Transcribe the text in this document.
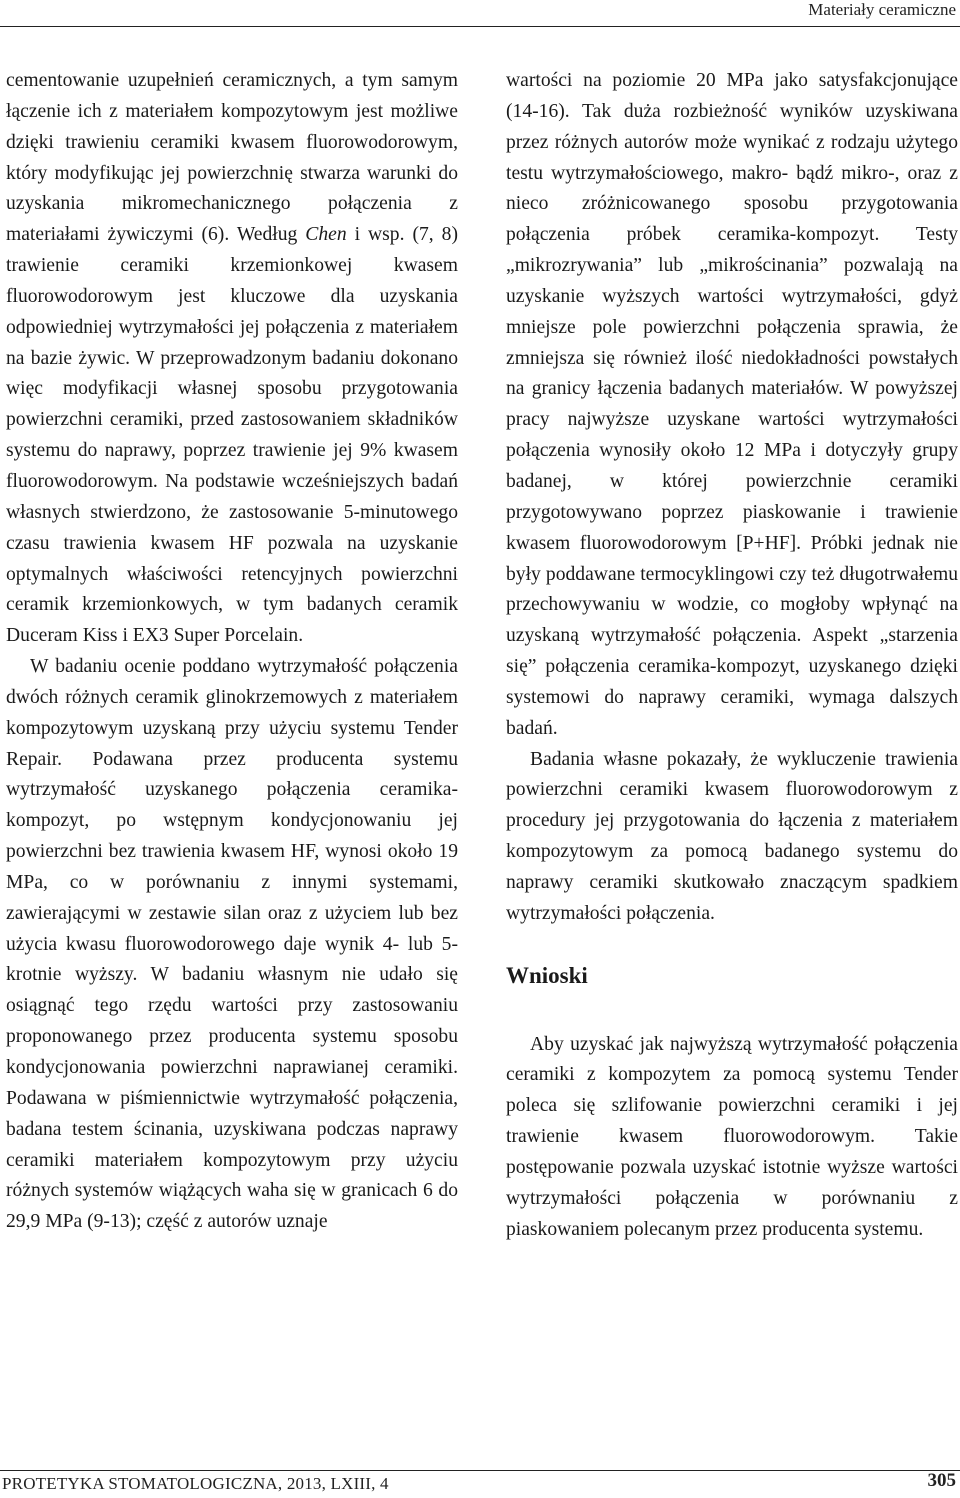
Materiały ceramiczne

cementowanie uzupełnień ceramicznych, a tym samym łączenie ich z materiałem kompozytowym jest możliwe dzięki trawieniu ceramiki kwasem fluorowodorowym, który modyfikując jej powierzchnię stwarza warunki do uzyskania mikromechanicznego połączenia z materiałami żywiczymi (6). Według Chen i wsp. (7, 8) trawienie ceramiki krzemionkowej kwasem fluorowodorowym jest kluczowe dla uzyskania odpowiedniej wytrzymałości jej połączenia z materiałem na bazie żywic. W przeprowadzonym badaniu dokonano więc modyfikacji własnej sposobu przygotowania powierzchni ceramiki, przed zastosowaniem składników systemu do naprawy, poprzez trawienie jej 9% kwasem fluorowodorowym. Na podstawie wcześniejszych badań własnych stwierdzono, że zastosowanie 5-minutowego czasu trawienia kwasem HF pozwala na uzyskanie optymalnych właściwości retencyjnych powierzchni ceramik krzemionkowych, w tym badanych ceramik Duceram Kiss i EX3 Super Porcelain.

W badaniu ocenie poddano wytrzymałość połączenia dwóch różnych ceramik glinokrzemowych z materiałem kompozytowym uzyskaną przy użyciu systemu Tender Repair. Podawana przez producenta systemu wytrzymałość uzyskanego połączenia ceramika-kompozyt, po wstępnym kondycjonowaniu jej powierzchni bez trawienia kwasem HF, wynosi około 19 MPa, co w porównaniu z innymi systemami, zawierającymi w zestawie silan oraz z użyciem lub bez użycia kwasu fluorowodorowego daje wynik 4- lub 5-krotnie wyższy. W badaniu własnym nie udało się osiągnąć tego rzędu wartości przy zastosowaniu proponowanego przez producenta systemu sposobu kondycjonowania powierzchni naprawianej ceramiki. Podawana w piśmiennictwie wytrzymałość połączenia, badana testem ścinania, uzyskiwana podczas naprawy ceramiki materiałem kompozytowym przy użyciu różnych systemów wiążących waha się w granicach 6 do 29,9 MPa (9-13); część z autorów uznaje

wartości na poziomie 20 MPa jako satysfakcjonujące (14-16). Tak duża rozbieżność wyników uzyskiwana przez różnych autorów może wynikać z rodzaju użytego testu wytrzymałościowego, makro- bądź mikro-, oraz z nieco zróżnicowanego sposobu przygotowania połączenia próbek ceramika-kompozyt. Testy „mikrozrywania” lub „mikrościnania” pozwalają na uzyskanie wyższych wartości wytrzymałości, gdyż mniejsze pole powierzchni połączenia sprawia, że zmniejsza się również ilość niedokładności powstałych na granicy łączenia badanych materiałów. W powyższej pracy najwyższe uzyskane wartości wytrzymałości połączenia wynosiły około 12 MPa i dotyczyły grupy badanej, w której powierzchnie ceramiki przygotowywano poprzez piaskowanie i trawienie kwasem fluorowodorowym [P+HF]. Próbki jednak nie były poddawane termocyklingowi czy też długotrwałemu przechowywaniu w wodzie, co mogłoby wpłynąć na uzyskaną wytrzymałość połączenia. Aspekt „starzenia się” połączenia ceramika-kompozyt, uzyskanego dzięki systemowi do naprawy ceramiki, wymaga dalszych badań.

Badania własne pokazały, że wykluczenie trawienia powierzchni ceramiki kwasem fluorowodorowym z procedury jej przygotowania do łączenia z materiałem kompozytowym za pomocą badanego systemu do naprawy ceramiki skutkowało znaczącym spadkiem wytrzymałości połączenia.

Wnioski

Aby uzyskać jak najwyższą wytrzymałość połączenia ceramiki z kompozytem za pomocą systemu Tender poleca się szlifowanie powierzchni ceramiki i jej trawienie kwasem fluorowodorowym. Takie postępowanie pozwala uzyskać istotnie wyższe wartości wytrzymałości połączenia w porównaniu z piaskowaniem polecanym przez producenta systemu.

PROTETYKA STOMATOLOGICZNA, 2013, LXIII, 4	305
